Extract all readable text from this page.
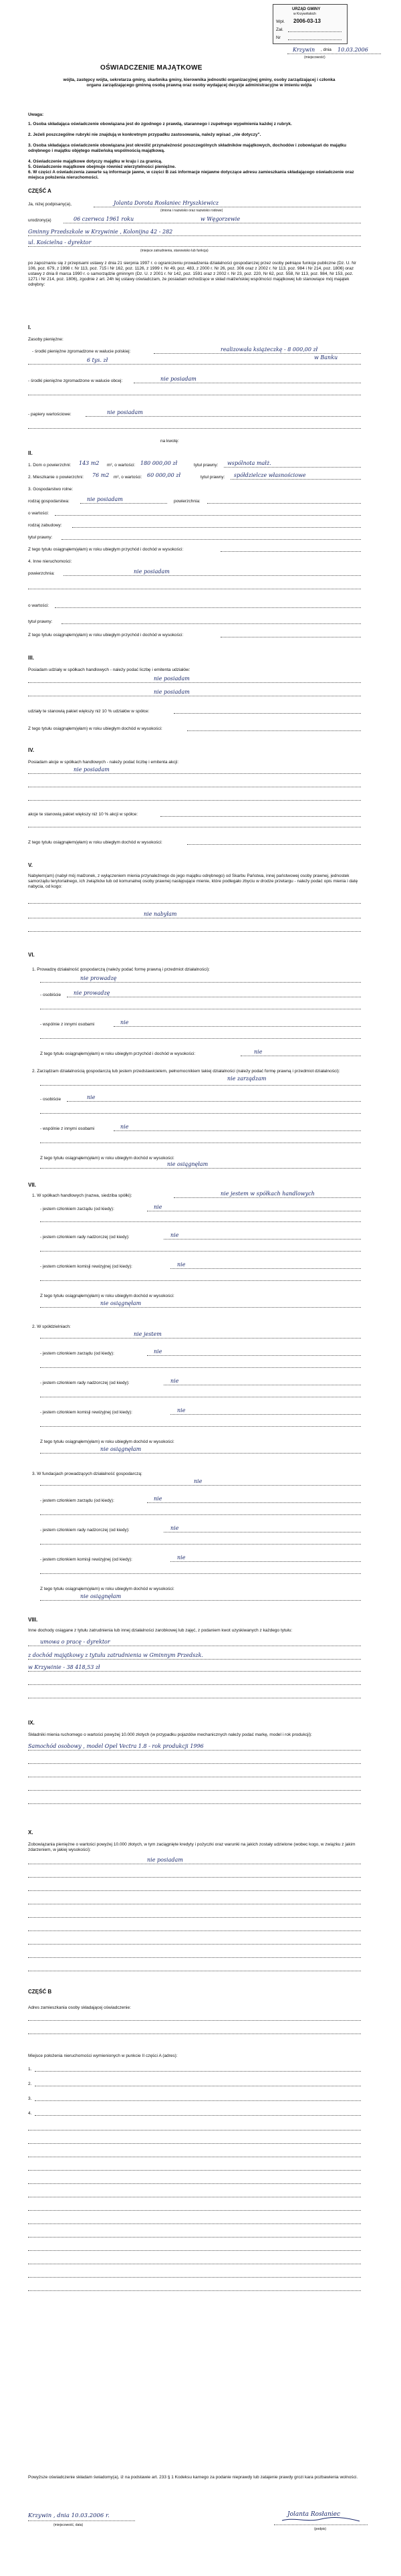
URZĄD GMINY
w Krzywińskich
Wpł. 2006-03-13
Zał.
Nr
Krzywin , dnia 10.03.2006
(miejscowość)
OŚWIADCZENIE MAJĄTKOWE
wójta, zastępcy wójta, sekretarza gminy, skarbnika gminy, kierownika jednostki organizacyjnej gminy, osoby zarządzającej i członka organu zarządzającego gminną osobą prawną oraz osoby wydającej decyzje administracyjne w imieniu wójta
Uwaga:
1. Osoba składająca oświadczenie obowiązana jest do zgodnego z prawdą, starannego i zupełnego wypełnienia każdej z rubryk.
2. Jeżeli poszczególne rubryki nie znajdują w konkretnym przypadku zastosowania, należy wpisać „nie dotyczy".
3. Osoba składająca oświadczenie obowiązana jest określić przynależność poszczególnych składników majątkowych, dochodów i zobowiązań do majątku odrębnego i majątku objętego małżeńską wspólnością majątkową.
4. Oświadczenie majątkowe dotyczy majątku w kraju i za granicą.
5. Oświadczenie majątkowe obejmuje również wierzytelności pieniężne.
6. W części A oświadczenia zawarte są informacje jawne, w części B zaś informacje niejawne dotyczące adresu zamieszkania składającego oświadczenie oraz miejsca położenia nieruchomości.
CZĘŚĆ A
Ja, niżej podpisany(a),	Jolanta Dorota Rosłaniec Hryszkiewicz
(imiona i nazwisko oraz nazwisko rodowe)
urodzony(a)	06 czerwca 1961 roku	w Węgorzewie
Gminny Przedszkole w Krzywinie , Kolonijna 42 - 282
ul. Kościelna - dyrektor
(miejsce zatrudnienia, stanowisko lub funkcja)
po zapoznaniu się z przepisami ustawy z dnia 21 sierpnia 1997 r. o ograniczeniu prowadzenia działalności gospodarczej przez osoby pełniące funkcje publiczne (Dz. U. Nr 106, poz. 679, z 1998 r. Nr 113, poz. 715 i Nr 162, poz. 1126, z 1999 r. Nr 49, poz. 483, z 2000 r. Nr 26, poz. 306 oraz z 2002 r. Nr 113, poz. 984 i Nr 214, poz. 1806) oraz ustawy z dnia 8 marca 1990 r. o samorządzie gminnym (Dz. U. z 2001 r. Nr 142, poz. 1591 oraz z 2002 r. Nr 23, poz. 220, Nr 62, poz. 558, Nr 113, poz. 984, Nr 153, poz. 1271 i Nr 214, poz. 1806), zgodnie z art. 24h tej ustawy oświadczam, że posiadam wchodzące w skład małżeńskiej wspólności majątkowej lub stanowiące mój majątek odrębny:
I.
Zasoby pieniężne:
- środki pieniężne zgromadzone w walucie polskiej:	realizowała książeczkę - 8 000,00 zł
6 tys. zł	w Banku
- środki pieniężne zgromadzone w walucie obcej:	nie posiadam
- papiery wartościowe:	nie posiadam
na kwotę:
II.
1. Dom o powierzchni: 143 m2 m², o wartości: 180 000,00 zł	tytuł prawny: wspólnota małż.
2. Mieszkanie o powierzchni: 76 m2 m², o wartości: 60 000,00 zł	tytuł prawny: spółdzielcze własnościowe
3. Gospodarstwo rolne:
rodzaj gospodarstwa:	nie posiadam	powierzchnia:
o wartości:
rodzaj zabudowy:
tytuł prawny:
Z tego tytułu osiągnąłem(ęłam) w roku ubiegłym przychód i dochód w wysokości:
4. Inne nieruchomości:
powierzchnia:	nie posiadam
o wartości:
tytuł prawny:
Z tego tytułu osiągnąłem(ęłam) w roku ubiegłym przychód i dochód w wysokości:
III.
Posiadam udziały w spółkach handlowych - należy podać liczbę i emitenta udziałów:
nie posiadam
nie posiadam
udziały te stanowią pakiet większy niż 10 % udziałów w spółce:
Z tego tytułu osiągnąłem(ęłam) w roku ubiegłym dochód w wysokości:
IV.
Posiadam akcje w spółkach handlowych - należy podać liczbę i emitenta akcji:
nie posiadam
akcje te stanowią pakiet większy niż 10 % akcji w spółce:
Z tego tytułu osiągnąłem(ęłam) w roku ubiegłym dochód w wysokości:
V.
Nabyłem(am) (nabył mój małżonek, z wyłączeniem mienia przynależnego do jego majątku odrębnego) od Skarbu Państwa, innej państwowej osoby prawnej, jednostek samorządu terytorialnego, ich związków lub od komunalnej osoby prawnej następujące mienie, które podlegało zbyciu w drodze przetargu - należy podać opis mienia i datę nabycia, od kogo:
nie nabyłam
VI.
1. Prowadzę działalność gospodarczą (należy podać formę prawną i przedmiot działalności):
nie prowadzę
- osobiście nie prowadzę
- wspólnie z innymi osobami	nie
Z tego tytułu osiągnąłem(ęłam) w roku ubiegłym przychód i dochód w wysokości:	nie
2. Zarządzam działalnością gospodarczą lub jestem przedstawicielem, pełnomocnikiem takiej działalności (należy podać formę prawną i przedmiot działalności):
nie zarządzam
- osobiście	nie
- wspólnie z innymi osobami	nie
Z tego tytułu osiągnąłem(ęłam) w roku ubiegłym dochód w wysokości:
nie osiągnęłam
VII.
1. W spółkach handlowych (nazwa, siedziba spółki):	nie jestem w spółkach handlowych
- jestem członkiem zarządu (od kiedy):	nie
- jestem członkiem rady nadzorczej (od kiedy):	nie
- jestem członkiem komisji rewizyjnej (od kiedy):	nie
Z tego tytułu osiągnąłem(ęłam) w roku ubiegłym dochód w wysokości:
nie osiągnęłam
2. W spółdzielniach:
nie jestem
- jestem członkiem zarządu (od kiedy):	nie
- jestem członkiem rady nadzorczej (od kiedy):	nie
- jestem członkiem komisji rewizyjnej (od kiedy):	nie
Z tego tytułu osiągnąłem(ęłam) w roku ubiegłym dochód w wysokości:
nie osiągnęłam
3. W fundacjach prowadzących działalność gospodarczą:
nie
- jestem członkiem zarządu (od kiedy):	nie
- jestem członkiem rady nadzorczej (od kiedy):	nie
- jestem członkiem komisji rewizyjnej (od kiedy):	nie
Z tego tytułu osiągnąłem(ęłam) w roku ubiegłym dochód w wysokości:
nie osiągnęłam
VIII.
Inne dochody osiągane z tytułu zatrudnienia lub innej działalności zarobkowej lub zajęć, z podaniem kwot uzyskiwanych z każdego tytułu:
umowa o pracę - dyrektor
z dochód majątkowy z tytułu zatrudnienia w Gminnym Przedszk.
w Krzywinie - 38 418,53 zł
IX.
Składniki mienia ruchomego o wartości powyżej 10.000 złotych (w przypadku pojazdów mechanicznych należy podać markę, model i rok produkcji):
Samochód osobowy , model Opel Vectra 1.8 - rok produkcji 1996
X.
Zobowiązania pieniężne o wartości powyżej 10.000 złotych, w tym zaciągnięte kredyty i pożyczki oraz warunki na jakich zostały udzielone (wobec kogo, w związku z jakim zdarzeniem, w jakiej wysokości):
nie posiadam
CZĘŚĆ B
Adres zamieszkania osoby składającej oświadczenie:
Miejsce położenia nieruchomości wymienionych w punkcie II części A (adres):
1.
2.
3.
4.
Powyższe oświadczenie składam świadomy(a), iż na podstawie art. 233 § 1 Kodeksu karnego za podanie nieprawdy lub zatajenie prawdy grozi kara pozbawienia wolności.
Krzywin , dnia 10.03.2006 r.
(miejscowość, data)
Jolanta Rosłaniec
(podpis)
